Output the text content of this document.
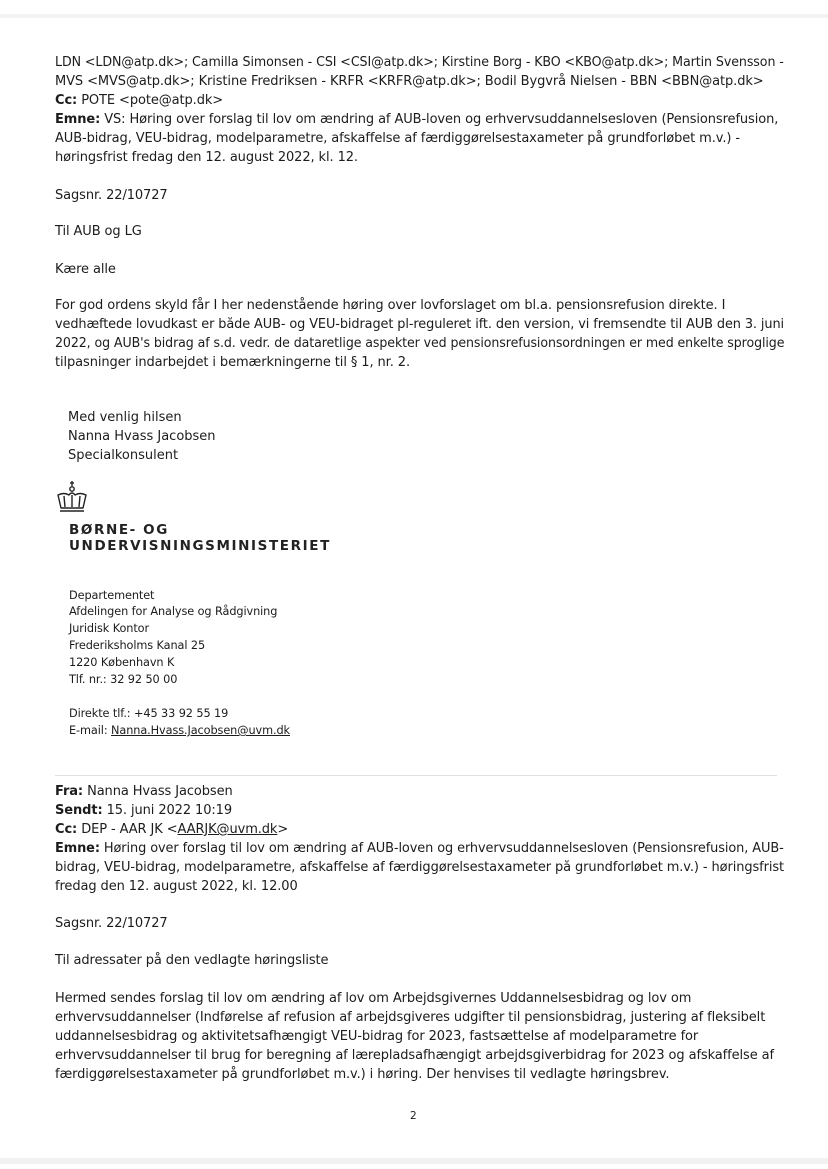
LDN <LDN@atp.dk>; Camilla Simonsen - CSI <CSI@atp.dk>; Kirstine Borg - KBO <KBO@atp.dk>; Martin Svensson -
MVS <MVS@atp.dk>; Kristine Fredriksen - KRFR <KRFR@atp.dk>; Bodil Bygvrå Nielsen - BBN <BBN@atp.dk>
Cc: POTE <pote@atp.dk>
Emne: VS: Høring over forslag til lov om ændring af AUB-loven og erhvervsuddannelsesloven (Pensionsrefusion,
AUB-bidrag, VEU-bidrag, modelparametre, afskaffelse af færdiggørelsestaxameter på grundforløbet m.v.) -
høringsfrist fredag den 12. august 2022, kl. 12.
Sagsnr. 22/10727
Til AUB og LG
Kære alle
For god ordens skyld får I her nedenstående høring over lovforslaget om bl.a. pensionsrefusion direkte. I
vedhæftede lovudkast er både AUB- og VEU-bidraget pl-reguleret ift. den version, vi fremsendte til AUB den 3. juni
2022, og AUB's bidrag af s.d. vedr. de dataretlige aspekter ved pensionsrefusionsordningen er med enkelte sproglige
tilpasninger indarbejdet i bemærkningerne til § 1, nr. 2.
Med venlig hilsen
Nanna Hvass Jacobsen
Specialkonsulent
BØRNE- OG
UNDERVISNINGSMINISTERIET
Departementet
Afdelingen for Analyse og Rådgivning
Juridisk Kontor
Frederiksholms Kanal 25
1220 København K
Tlf. nr.: 32 92 50 00
Direkte tlf.: +45 33 92 55 19
E-mail: Nanna.Hvass.Jacobsen@uvm.dk
Fra: Nanna Hvass Jacobsen
Sendt: 15. juni 2022 10:19
Cc: DEP - AAR JK <AARJK@uvm.dk>
Emne: Høring over forslag til lov om ændring af AUB-loven og erhvervsuddannelsesloven (Pensionsrefusion, AUB-
bidrag, VEU-bidrag, modelparametre, afskaffelse af færdiggørelsestaxameter på grundforløbet m.v.) - høringsfrist
fredag den 12. august 2022, kl. 12.00
Sagsnr. 22/10727
Til adressater på den vedlagte høringsliste
Hermed sendes forslag til lov om ændring af lov om Arbejdsgivernes Uddannelsesbidrag og lov om
erhvervsuddannelser (Indførelse af refusion af arbejdsgiveres udgifter til pensionsbidrag, justering af fleksibelt
uddannelsesbidrag og aktivitetsafhængigt VEU-bidrag for 2023, fastsættelse af modelparametre for
erhvervsuddannelser til brug for beregning af lærepladsafhængigt arbejdsgiverbidrag for 2023 og afskaffelse af
færdiggørelsestaxameter på grundforløbet m.v.) i høring. Der henvises til vedlagte høringsbrev.
2
